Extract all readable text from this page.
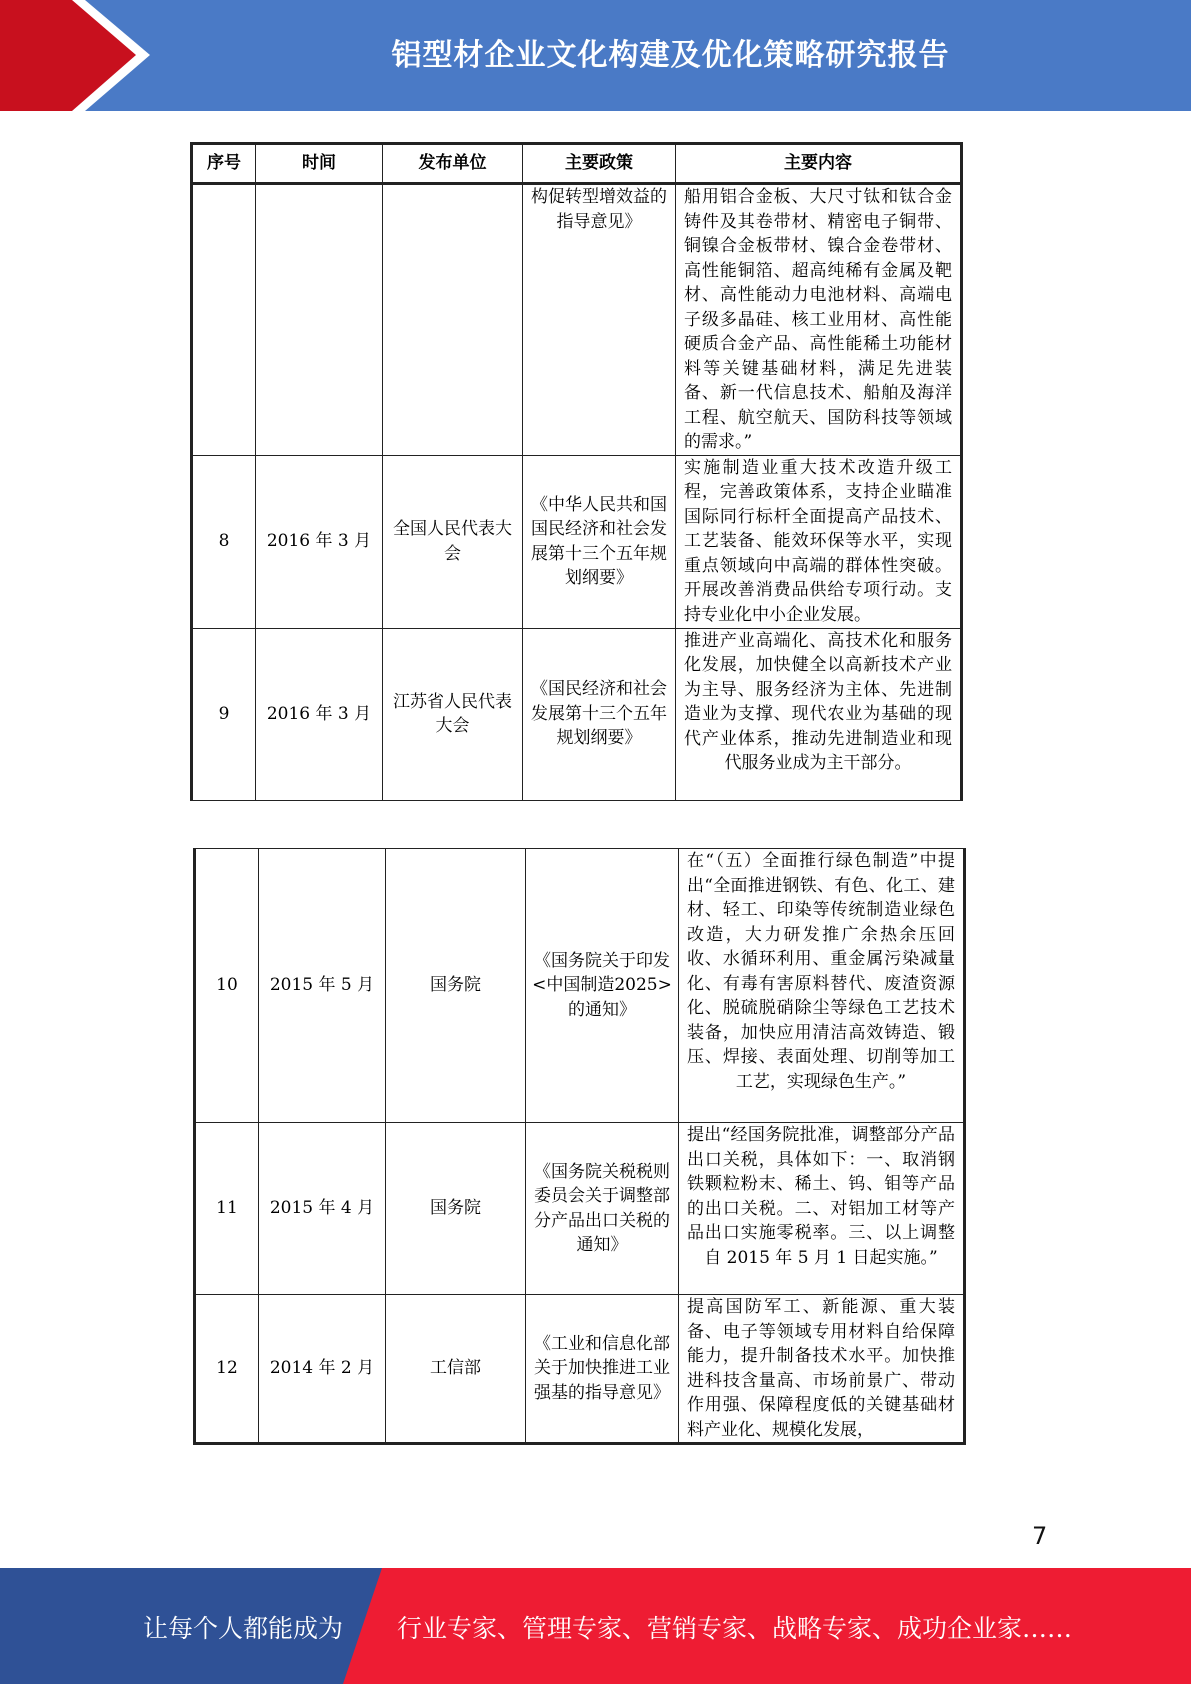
铝型材企业文化构建及优化策略研究报告
序号	时间	发布单位	主要政策	主要内容
			构促转型增效益的指导意见》	船用铝合金板、大尺寸钛和钛合金铸件及其卷带材、精密电子铜带、铜镍合金板带材、镍合金卷带材、高性能铜箔、超高纯稀有金属及靶材、高性能动力电池材料、高端电子级多晶硅、核工业用材、高性能硬质合金产品、高性能稀土功能材料等关键基础材料，满足先进装备、新一代信息技术、船舶及海洋工程、航空航天、国防科技等领域的需求。”
8	2016 年 3 月	全国人民代表大会	《中华人民共和国国民经济和社会发展第十三个五年规划纲要》	实施制造业重大技术改造升级工程，完善政策体系，支持企业瞄准国际同行标杆全面提高产品技术、工艺装备、能效环保等水平，实现重点领域向中高端的群体性突破。开展改善消费品供给专项行动。支持专业化中小企业发展。
9	2016 年 3 月	江苏省人民代表大会	《国民经济和社会发展第十三个五年规划纲要》	推进产业高端化、高技术化和服务化发展，加快健全以高新技术产业为主导、服务经济为主体、先进制造业为支撑、现代农业为基础的现代产业体系，推动先进制造业和现代服务业成为主干部分。
10	2015 年 5 月	国务院	《国务院关于印发<中国制造2025>的通知》	在“（五）全面推行绿色制造”中提出“全面推进钢铁、有色、化工、建材、轻工、印染等传统制造业绿色改造，大力研发推广余热余压回收、水循环利用、重金属污染减量化、有毒有害原料替代、废渣资源化、脱硫脱硝除尘等绿色工艺技术装备，加快应用清洁高效铸造、锻压、焊接、表面处理、切削等加工工艺，实现绿色生产。”
11	2015 年 4 月	国务院	《国务院关税税则委员会关于调整部分产品出口关税的通知》	提出“经国务院批准，调整部分产品出口关税，具体如下：一、取消钢铁颗粒粉末、稀土、钨、钼等产品的出口关税。二、对铝加工材等产品出口实施零税率。三、以上调整自 2015 年 5 月 1 日起实施。”
12	2014 年 2 月	工信部	《工业和信息化部关于加快推进工业强基的指导意见》	提高国防军工、新能源、重大装备、电子等领域专用材料自给保障能力，提升制备技术水平。加快推进科技含量高、市场前景广、带动作用强、保障程度低的关键基础材料产业化、规模化发展，
7
让每个人都能成为 行业专家、管理专家、营销专家、战略专家、成功企业家……
